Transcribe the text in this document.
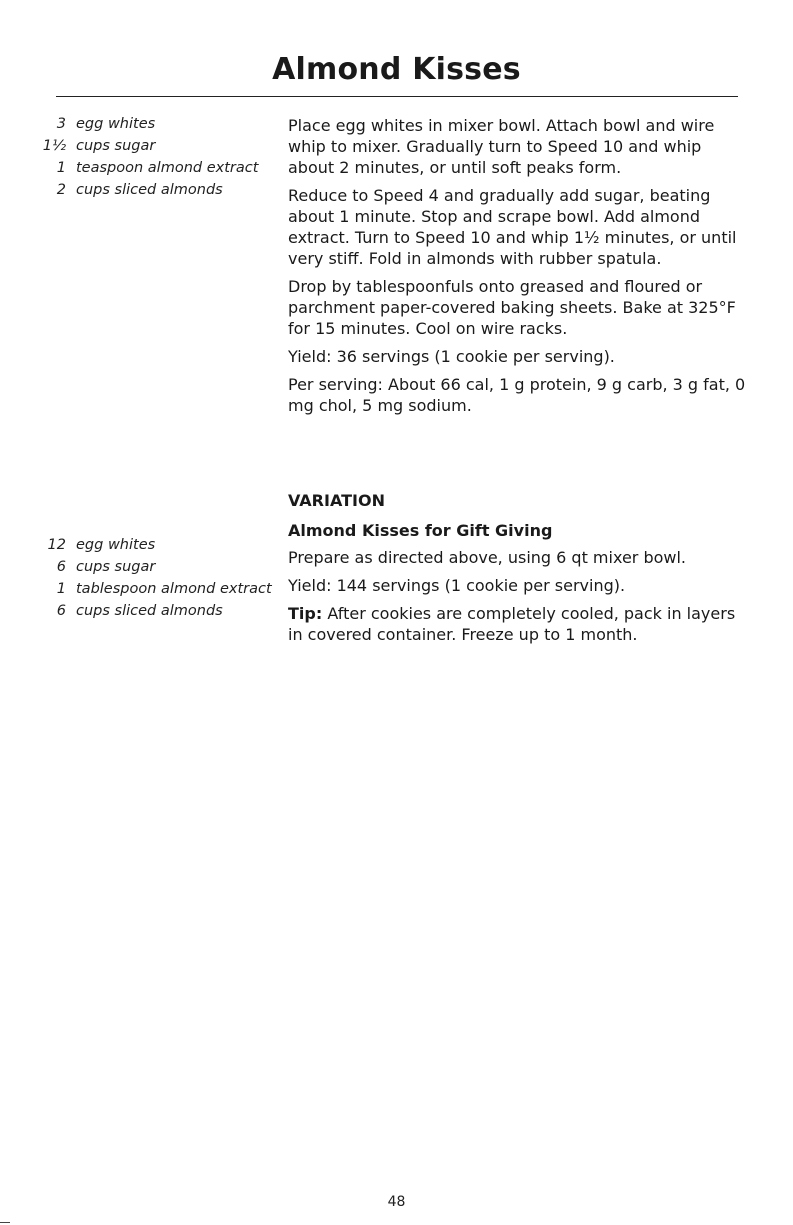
Almond Kisses
3 egg whites
1½ cups sugar
1 teaspoon almond extract
2 cups sliced almonds
12 egg whites
6 cups sugar
1 tablespoon almond extract
6 cups sliced almonds

Place egg whites in mixer bowl. Attach bowl and wire whip to mixer. Gradually turn to Speed 10 and whip about 2 minutes, or until soft peaks form.

Reduce to Speed 4 and gradually add sugar, beating about 1 minute. Stop and scrape bowl. Add almond extract. Turn to Speed 10 and whip 1½ minutes, or until very stiff. Fold in almonds with rubber spatula.

Drop by tablespoonfuls onto greased and floured or parchment paper-covered baking sheets. Bake at 325°F for 15 minutes. Cool on wire racks.

Yield: 36 servings (1 cookie per serving).

Per serving: About 66 cal, 1 g protein, 9 g carb, 3 g fat, 0 mg chol, 5 mg sodium.

VARIATION

Almond Kisses for Gift Giving

Prepare as directed above, using 6 qt mixer bowl.

Yield: 144 servings (1 cookie per serving).

Tip: After cookies are completely cooled, pack in layers in covered container. Freeze up to 1 month.

48
